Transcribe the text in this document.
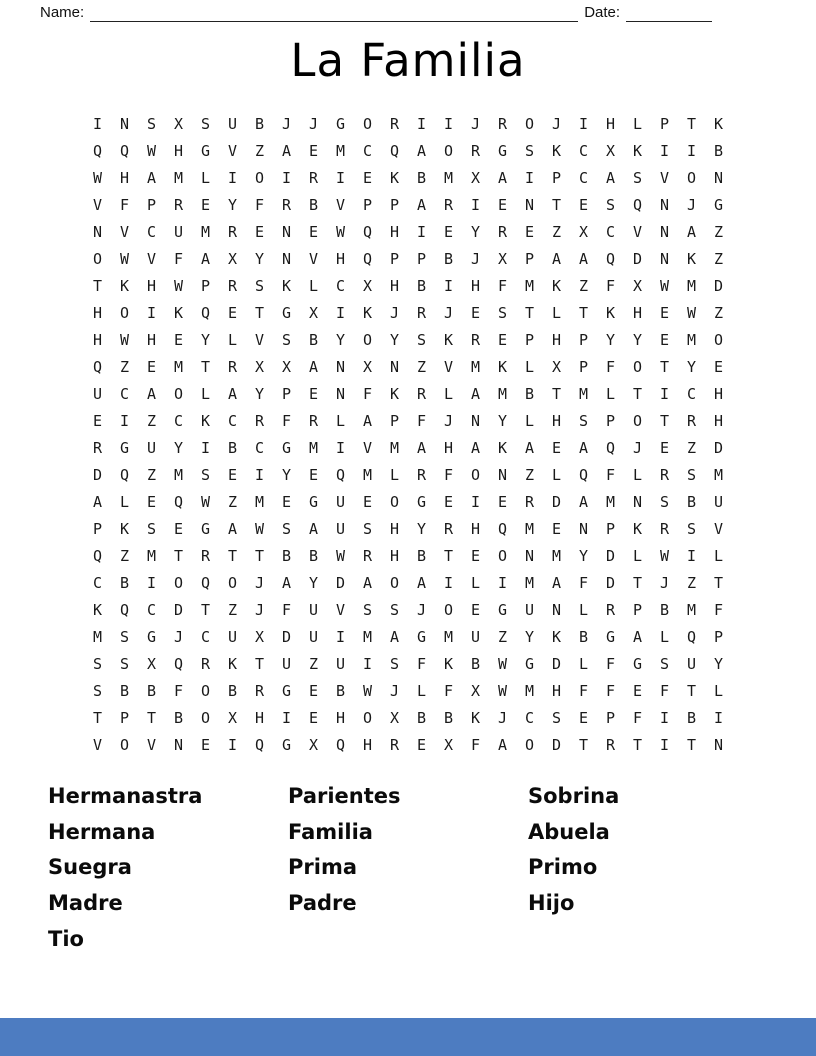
Name:	Date:
La Familia
I	N	S	X	S	U	B	J	J	G	O	R	I	I	J	R	O	J	I	H	L	P	T	K
Q	Q	W	H	G	V	Z	A	E	M	C	Q	A	O	R	G	S	K	C	X	K	I	I	B
W	H	A	M	L	I	O	I	R	I	E	K	B	M	X	A	I	P	C	A	S	V	O	N
V	F	P	R	E	Y	F	R	B	V	P	P	A	R	I	E	N	T	E	S	Q	N	J	G
N	V	C	U	M	R	E	N	E	W	Q	H	I	E	Y	R	E	Z	X	C	V	N	A	Z
O	W	V	F	A	X	Y	N	V	H	Q	P	P	B	J	X	P	A	A	Q	D	N	K	Z
T	K	H	W	P	R	S	K	L	C	X	H	B	I	H	F	M	K	Z	F	X	W	M	D
H	O	I	K	Q	E	T	G	X	I	K	J	R	J	E	S	T	L	T	K	H	E	W	Z
H	W	H	E	Y	L	V	S	B	Y	O	Y	S	K	R	E	P	H	P	Y	Y	E	M	O
Q	Z	E	M	T	R	X	X	A	N	X	N	Z	V	M	K	L	X	P	F	O	T	Y	E
U	C	A	O	L	A	Y	P	E	N	F	K	R	L	A	M	B	T	M	L	T	I	C	H
E	I	Z	C	K	C	R	F	R	L	A	P	F	J	N	Y	L	H	S	P	O	T	R	H
R	G	U	Y	I	B	C	G	M	I	V	M	A	H	A	K	A	E	A	Q	J	E	Z	D
D	Q	Z	M	S	E	I	Y	E	Q	M	L	R	F	O	N	Z	L	Q	F	L	R	S	M
A	L	E	Q	W	Z	M	E	G	U	E	O	G	E	I	E	R	D	A	M	N	S	B	U
P	K	S	E	G	A	W	S	A	U	S	H	Y	R	H	Q	M	E	N	P	K	R	S	V
Q	Z	M	T	R	T	T	B	B	W	R	H	B	T	E	O	N	M	Y	D	L	W	I	L
C	B	I	O	Q	O	J	A	Y	D	A	O	A	I	L	I	M	A	F	D	T	J	Z	T
K	Q	C	D	T	Z	J	F	U	V	S	S	J	O	E	G	U	N	L	R	P	B	M	F
M	S	G	J	C	U	X	D	U	I	M	A	G	M	U	Z	Y	K	B	G	A	L	Q	P
S	S	X	Q	R	K	T	U	Z	U	I	S	F	K	B	W	G	D	L	F	G	S	U	Y
S	B	B	F	O	B	R	G	E	B	W	J	L	F	X	W	M	H	F	F	E	F	T	L
T	P	T	B	O	X	H	I	E	H	O	X	B	B	K	J	C	S	E	P	F	I	B	I
V	O	V	N	E	I	Q	G	X	Q	H	R	E	X	F	A	O	D	T	R	T	I	T	N
Hermanastra
Hermana
Suegra
Madre
Tio
Parientes
Familia
Prima
Padre
Sobrina
Abuela
Primo
Hijo
